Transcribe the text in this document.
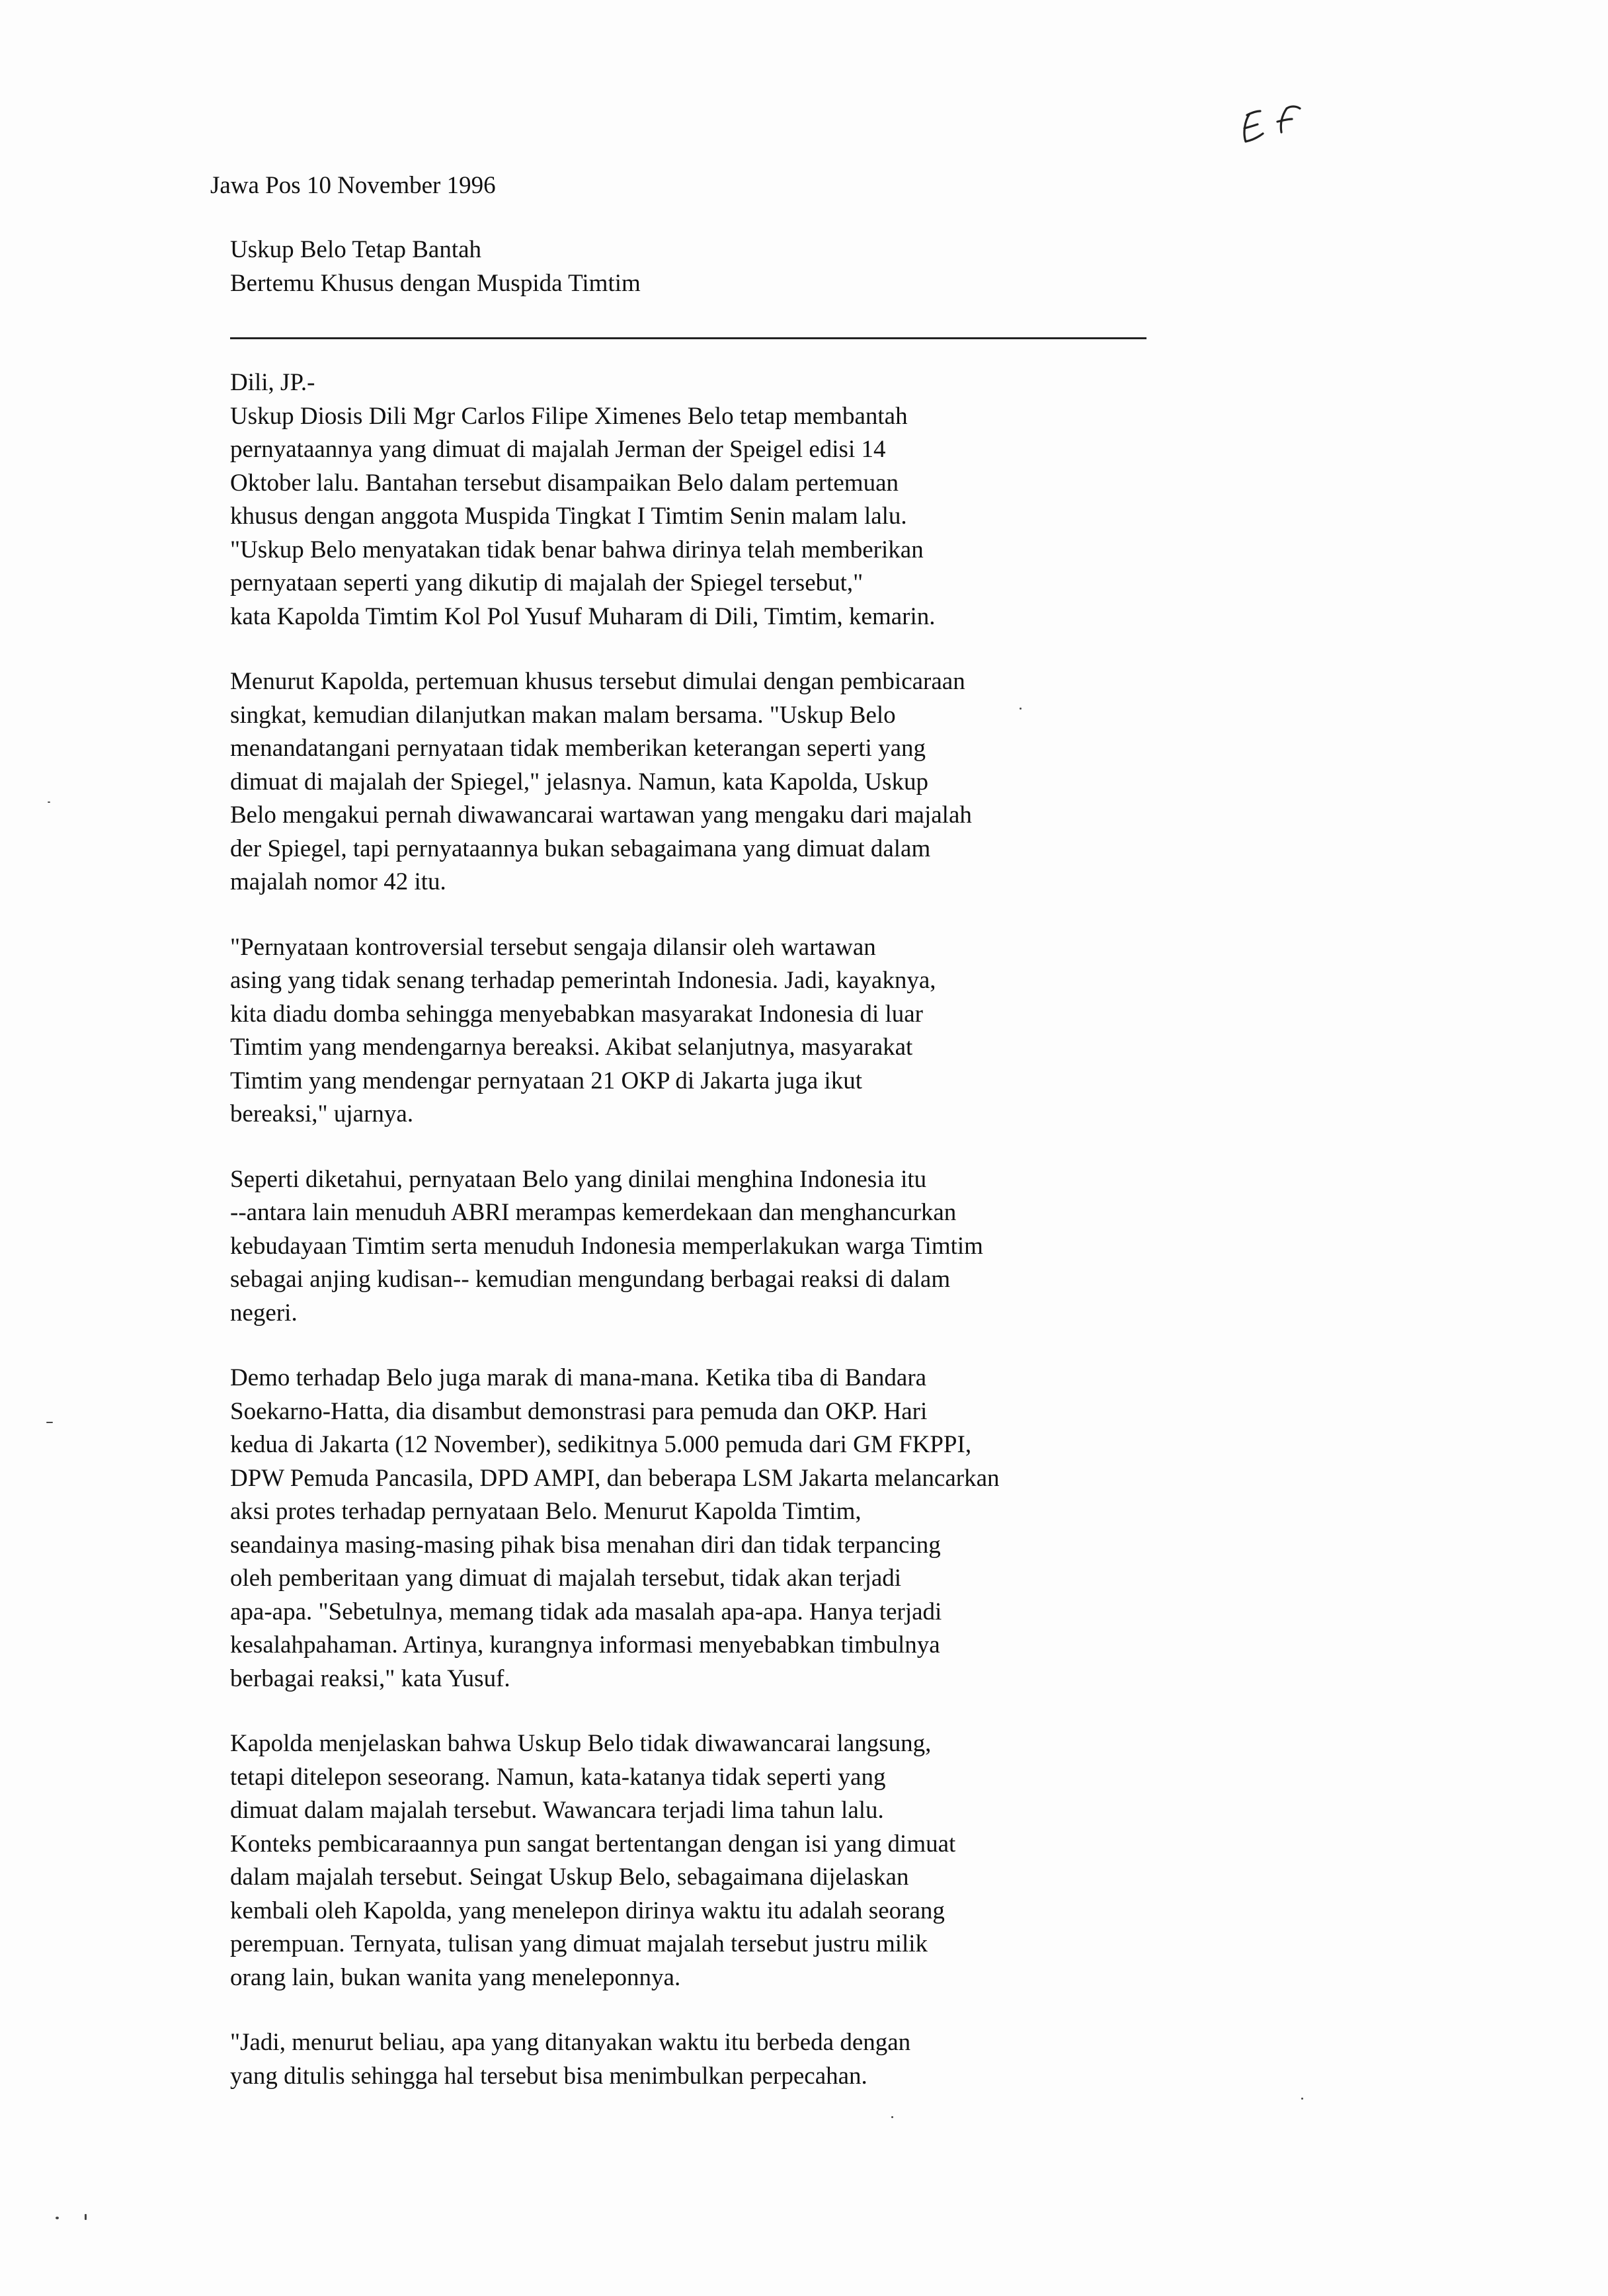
Jawa Pos 10 November 1996
Uskup Belo Tetap Bantah
Bertemu Khusus dengan Muspida Timtim
Dili, JP.-
Uskup Diosis Dili Mgr Carlos Filipe Ximenes Belo tetap membantah
pernyataannya yang dimuat di majalah Jerman der Speigel edisi 14
Oktober lalu. Bantahan tersebut disampaikan Belo dalam pertemuan
khusus dengan anggota Muspida Tingkat I Timtim Senin malam lalu.
"Uskup Belo menyatakan tidak benar bahwa dirinya telah memberikan
pernyataan seperti yang dikutip di majalah der Spiegel tersebut,"
kata Kapolda Timtim Kol Pol Yusuf Muharam di Dili, Timtim, kemarin.
Menurut Kapolda, pertemuan khusus tersebut dimulai dengan pembicaraan
singkat, kemudian dilanjutkan makan malam bersama. "Uskup Belo
menandatangani pernyataan tidak memberikan keterangan seperti yang
dimuat di majalah der Spiegel," jelasnya. Namun, kata Kapolda, Uskup
Belo mengakui pernah diwawancarai wartawan yang mengaku dari majalah
der Spiegel, tapi pernyataannya bukan sebagaimana yang dimuat dalam
majalah nomor 42 itu.
"Pernyataan kontroversial tersebut sengaja dilansir oleh wartawan
asing yang tidak senang terhadap pemerintah Indonesia. Jadi, kayaknya,
kita diadu domba sehingga menyebabkan masyarakat Indonesia di luar
Timtim yang mendengarnya bereaksi. Akibat selanjutnya, masyarakat
Timtim yang mendengar pernyataan 21 OKP di Jakarta juga ikut
bereaksi," ujarnya.
Seperti diketahui, pernyataan Belo yang dinilai menghina Indonesia itu
--antara lain menuduh ABRI merampas kemerdekaan dan menghancurkan
kebudayaan Timtim serta menuduh Indonesia memperlakukan warga Timtim
sebagai anjing kudisan-- kemudian mengundang berbagai reaksi di dalam
negeri.
Demo terhadap Belo juga marak di mana-mana. Ketika tiba di Bandara
Soekarno-Hatta, dia disambut demonstrasi para pemuda dan OKP. Hari
kedua di Jakarta (12 November), sedikitnya 5.000 pemuda dari GM FKPPI,
DPW Pemuda Pancasila, DPD AMPI, dan beberapa LSM Jakarta melancarkan
aksi protes terhadap pernyataan Belo. Menurut Kapolda Timtim,
seandainya masing-masing pihak bisa menahan diri dan tidak terpancing
oleh pemberitaan yang dimuat di majalah tersebut, tidak akan terjadi
apa-apa. "Sebetulnya, memang tidak ada masalah apa-apa. Hanya terjadi
kesalahpahaman. Artinya, kurangnya informasi menyebabkan timbulnya
berbagai reaksi," kata Yusuf.
Kapolda menjelaskan bahwa Uskup Belo tidak diwawancarai langsung,
tetapi ditelepon seseorang. Namun, kata-katanya tidak seperti yang
dimuat dalam majalah tersebut. Wawancara terjadi lima tahun lalu.
Konteks pembicaraannya pun sangat bertentangan dengan isi yang dimuat
dalam majalah tersebut. Seingat Uskup Belo, sebagaimana dijelaskan
kembali oleh Kapolda, yang menelepon dirinya waktu itu adalah seorang
perempuan. Ternyata, tulisan yang dimuat majalah tersebut justru milik
orang lain, bukan wanita yang meneleponnya.
"Jadi, menurut beliau, apa yang ditanyakan waktu itu berbeda dengan
yang ditulis sehingga hal tersebut bisa menimbulkan perpecahan.
